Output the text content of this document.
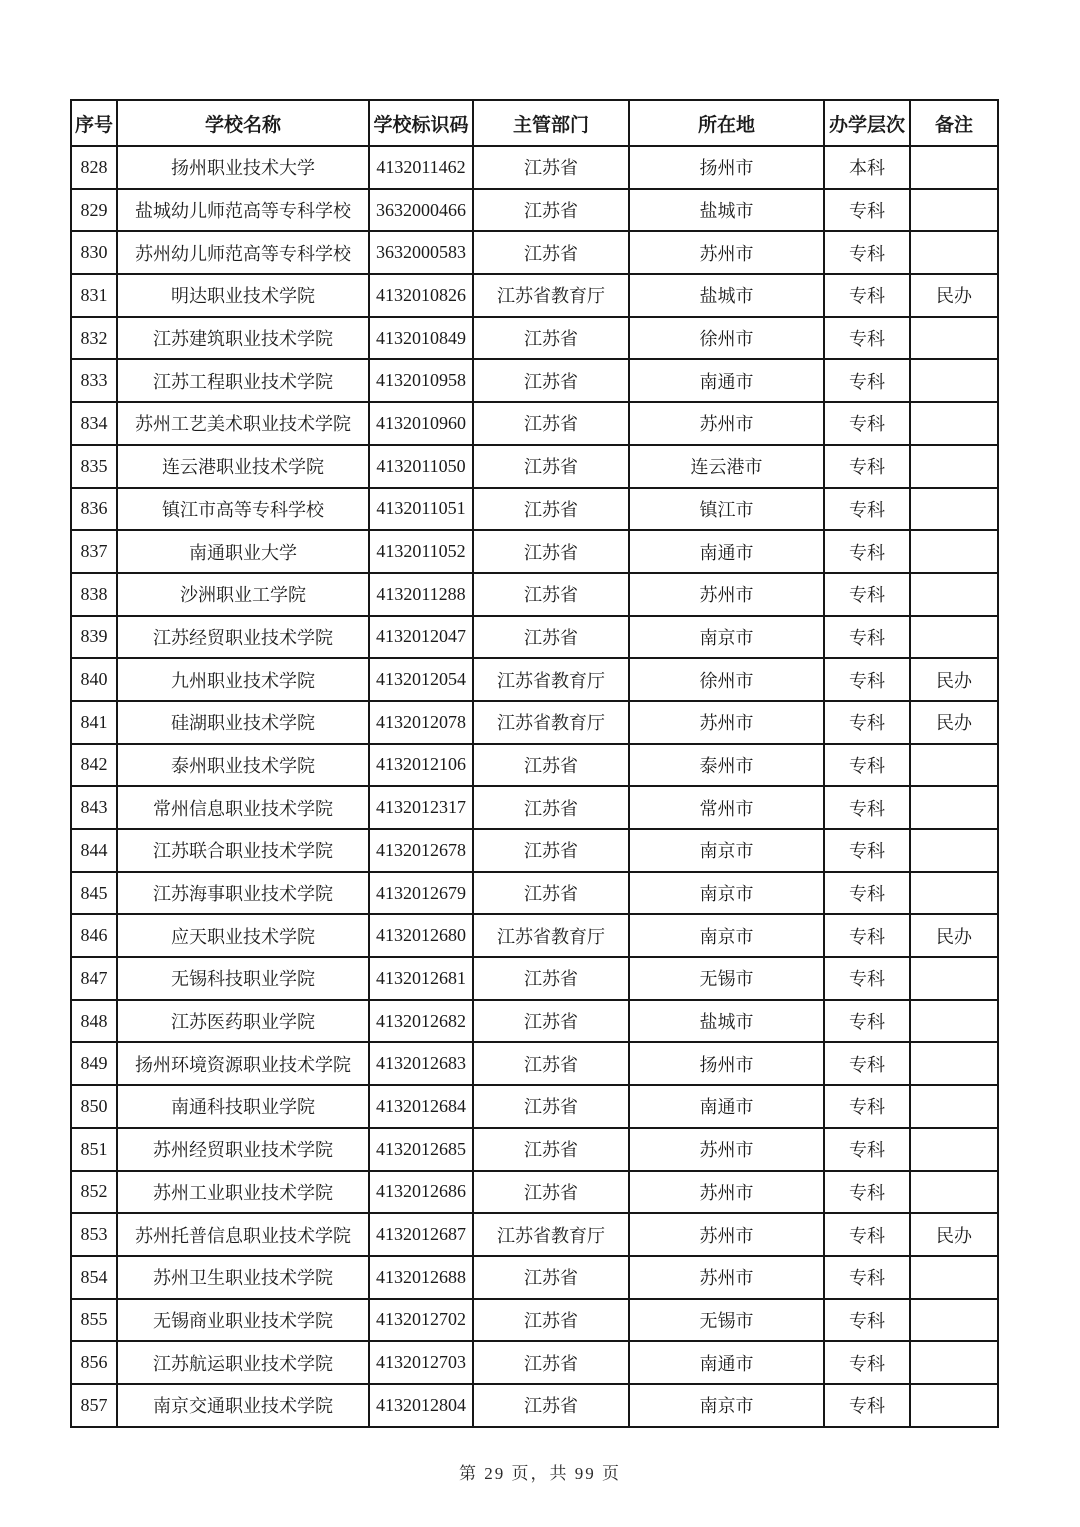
序号	学校名称	学校标识码	主管部门	所在地	办学层次	备注
828	扬州职业技术大学	4132011462	江苏省	扬州市	本科	
829	盐城幼儿师范高等专科学校	3632000466	江苏省	盐城市	专科	
830	苏州幼儿师范高等专科学校	3632000583	江苏省	苏州市	专科	
831	明达职业技术学院	4132010826	江苏省教育厅	盐城市	专科	民办
832	江苏建筑职业技术学院	4132010849	江苏省	徐州市	专科	
833	江苏工程职业技术学院	4132010958	江苏省	南通市	专科	
834	苏州工艺美术职业技术学院	4132010960	江苏省	苏州市	专科	
835	连云港职业技术学院	4132011050	江苏省	连云港市	专科	
836	镇江市高等专科学校	4132011051	江苏省	镇江市	专科	
837	南通职业大学	4132011052	江苏省	南通市	专科	
838	沙洲职业工学院	4132011288	江苏省	苏州市	专科	
839	江苏经贸职业技术学院	4132012047	江苏省	南京市	专科	
840	九州职业技术学院	4132012054	江苏省教育厅	徐州市	专科	民办
841	硅湖职业技术学院	4132012078	江苏省教育厅	苏州市	专科	民办
842	泰州职业技术学院	4132012106	江苏省	泰州市	专科	
843	常州信息职业技术学院	4132012317	江苏省	常州市	专科	
844	江苏联合职业技术学院	4132012678	江苏省	南京市	专科	
845	江苏海事职业技术学院	4132012679	江苏省	南京市	专科	
846	应天职业技术学院	4132012680	江苏省教育厅	南京市	专科	民办
847	无锡科技职业学院	4132012681	江苏省	无锡市	专科	
848	江苏医药职业学院	4132012682	江苏省	盐城市	专科	
849	扬州环境资源职业技术学院	4132012683	江苏省	扬州市	专科	
850	南通科技职业学院	4132012684	江苏省	南通市	专科	
851	苏州经贸职业技术学院	4132012685	江苏省	苏州市	专科	
852	苏州工业职业技术学院	4132012686	江苏省	苏州市	专科	
853	苏州托普信息职业技术学院	4132012687	江苏省教育厅	苏州市	专科	民办
854	苏州卫生职业技术学院	4132012688	江苏省	苏州市	专科	
855	无锡商业职业技术学院	4132012702	江苏省	无锡市	专科	
856	江苏航运职业技术学院	4132012703	江苏省	南通市	专科	
857	南京交通职业技术学院	4132012804	江苏省	南京市	专科	
第 29 页，共 99 页
